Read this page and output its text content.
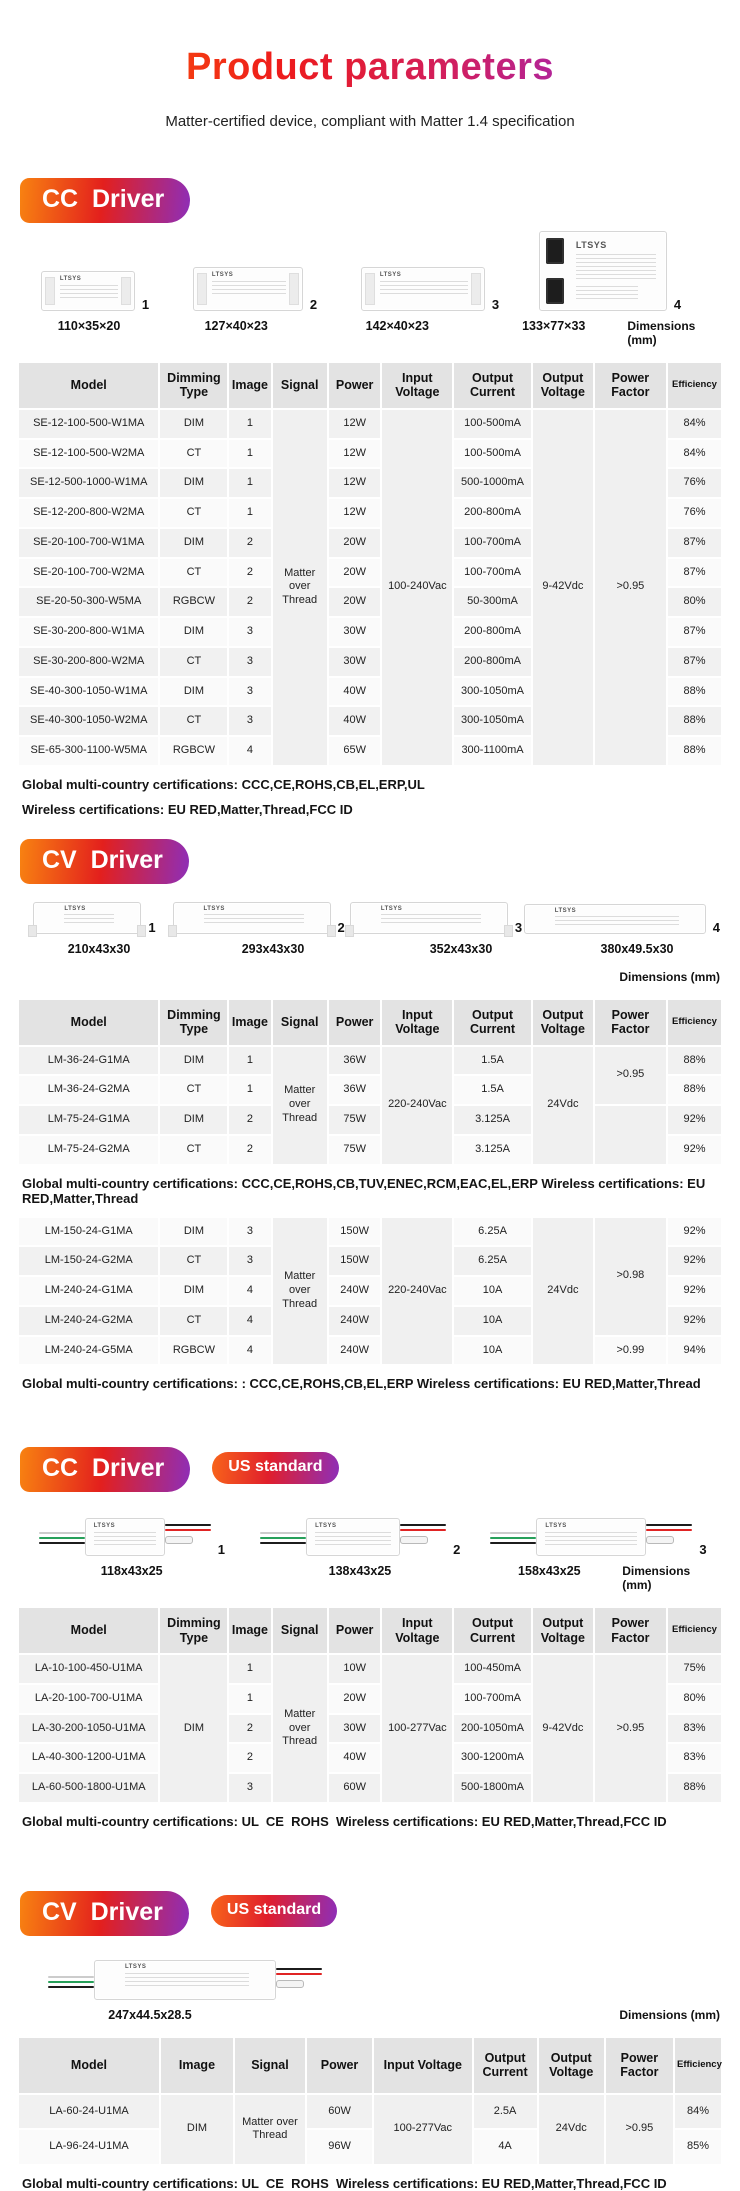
Product parameters
Matter-certified device, compliant with Matter 1.4 specification
CC  Driver
LTSYS
1
LTSYS
2
LTSYS
3
LTSYS
4
110×35×20	127×40×23	142×40×23	133×77×33	Dimensions (mm)
Model	Dimming Type	Image	Signal	Power	Input Voltage	Output Current	Output Voltage	Power Factor	Efficiency
SE-12-100-500-W1MA	DIM	1	Matter over Thread	12W	100-240Vac	100-500mA	9-42Vdc	>0.95	84%
SE-12-100-500-W2MA	CT	1		12W		100-500mA			84%
SE-12-500-1000-W1MA	DIM	1		12W		500-1000mA			76%
SE-12-200-800-W2MA	CT	1		12W		200-800mA			76%
SE-20-100-700-W1MA	DIM	2		20W		100-700mA			87%
SE-20-100-700-W2MA	CT	2		20W		100-700mA			87%
SE-20-50-300-W5MA	RGBCW	2		20W		50-300mA			80%
SE-30-200-800-W1MA	DIM	3		30W		200-800mA			87%
SE-30-200-800-W2MA	CT	3		30W		200-800mA			87%
SE-40-300-1050-W1MA	DIM	3		40W		300-1050mA			88%
SE-40-300-1050-W2MA	CT	3		40W		300-1050mA			88%
SE-65-300-1100-W5MA	RGBCW	4		65W		300-1100mA			88%
Global multi-country certifications: CCC,CE,ROHS,CB,EL,ERP,UL
Wireless certifications: EU RED,Matter,Thread,FCC ID
CV  Driver
LTSYS
1
LTSYS
2
LTSYS
3
LTSYS
4
210x43x30	293x43x30	352x43x30	380x49.5x30
Dimensions (mm)
Model	Dimming Type	Image	Signal	Power	Input Voltage	Output Current	Output Voltage	Power Factor	Efficiency
LM-36-24-G1MA	DIM	1	Matter over Thread	36W	220-240Vac	1.5A	24Vdc	>0.95	88%
LM-36-24-G2MA	CT	1		36W		1.5A			88%
LM-75-24-G1MA	DIM	2		75W		3.125A			92%
LM-75-24-G2MA	CT	2		75W		3.125A			92%
Global multi-country certifications: CCC,CE,ROHS,CB,TUV,ENEC,RCM,EAC,EL,ERP Wireless certifications: EU RED,Matter,Thread
LM-150-24-G1MA	DIM	3	Matter over Thread	150W	220-240Vac	6.25A	24Vdc	>0.98	92%
LM-150-24-G2MA	CT	3		150W		6.25A			92%
LM-240-24-G1MA	DIM	4		240W		10A			92%
LM-240-24-G2MA	CT	4		240W		10A			92%
LM-240-24-G5MA	RGBCW	4		240W		10A		>0.99	94%
Global multi-country certifications: : CCC,CE,ROHS,CB,EL,ERP Wireless certifications: EU RED,Matter,Thread
CC  Driver	US standard
LTSYS
1
LTSYS
2
LTSYS
3
118x43x25	138x43x25	158x43x25	Dimensions (mm)
Model	Dimming Type	Image	Signal	Power	Input Voltage	Output Current	Output Voltage	Power Factor	Efficiency
LA-10-100-450-U1MA	DIM	1	Matter over Thread	10W	100-277Vac	100-450mA	9-42Vdc	>0.95	75%
LA-20-100-700-U1MA		1		20W		100-700mA			80%
LA-30-200-1050-U1MA		2		30W		200-1050mA			83%
LA-40-300-1200-U1MA		2		40W		300-1200mA			83%
LA-60-500-1800-U1MA		3		60W		500-1800mA			88%
Global multi-country certifications: UL  CE  ROHS  Wireless certifications: EU RED,Matter,Thread,FCC ID
CV  Driver	US standard
LTSYS
247x44.5x28.5	Dimensions (mm)
Model	Image	Signal	Power	Input Voltage	Output Current	Output Voltage	Power Factor	Efficiency
LA-60-24-U1MA	DIM	Matter over Thread	60W	100-277Vac	2.5A	24Vdc	>0.95	84%
LA-96-24-U1MA			96W		4A			85%
Global multi-country certifications: UL  CE  ROHS  Wireless certifications: EU RED,Matter,Thread,FCC ID
